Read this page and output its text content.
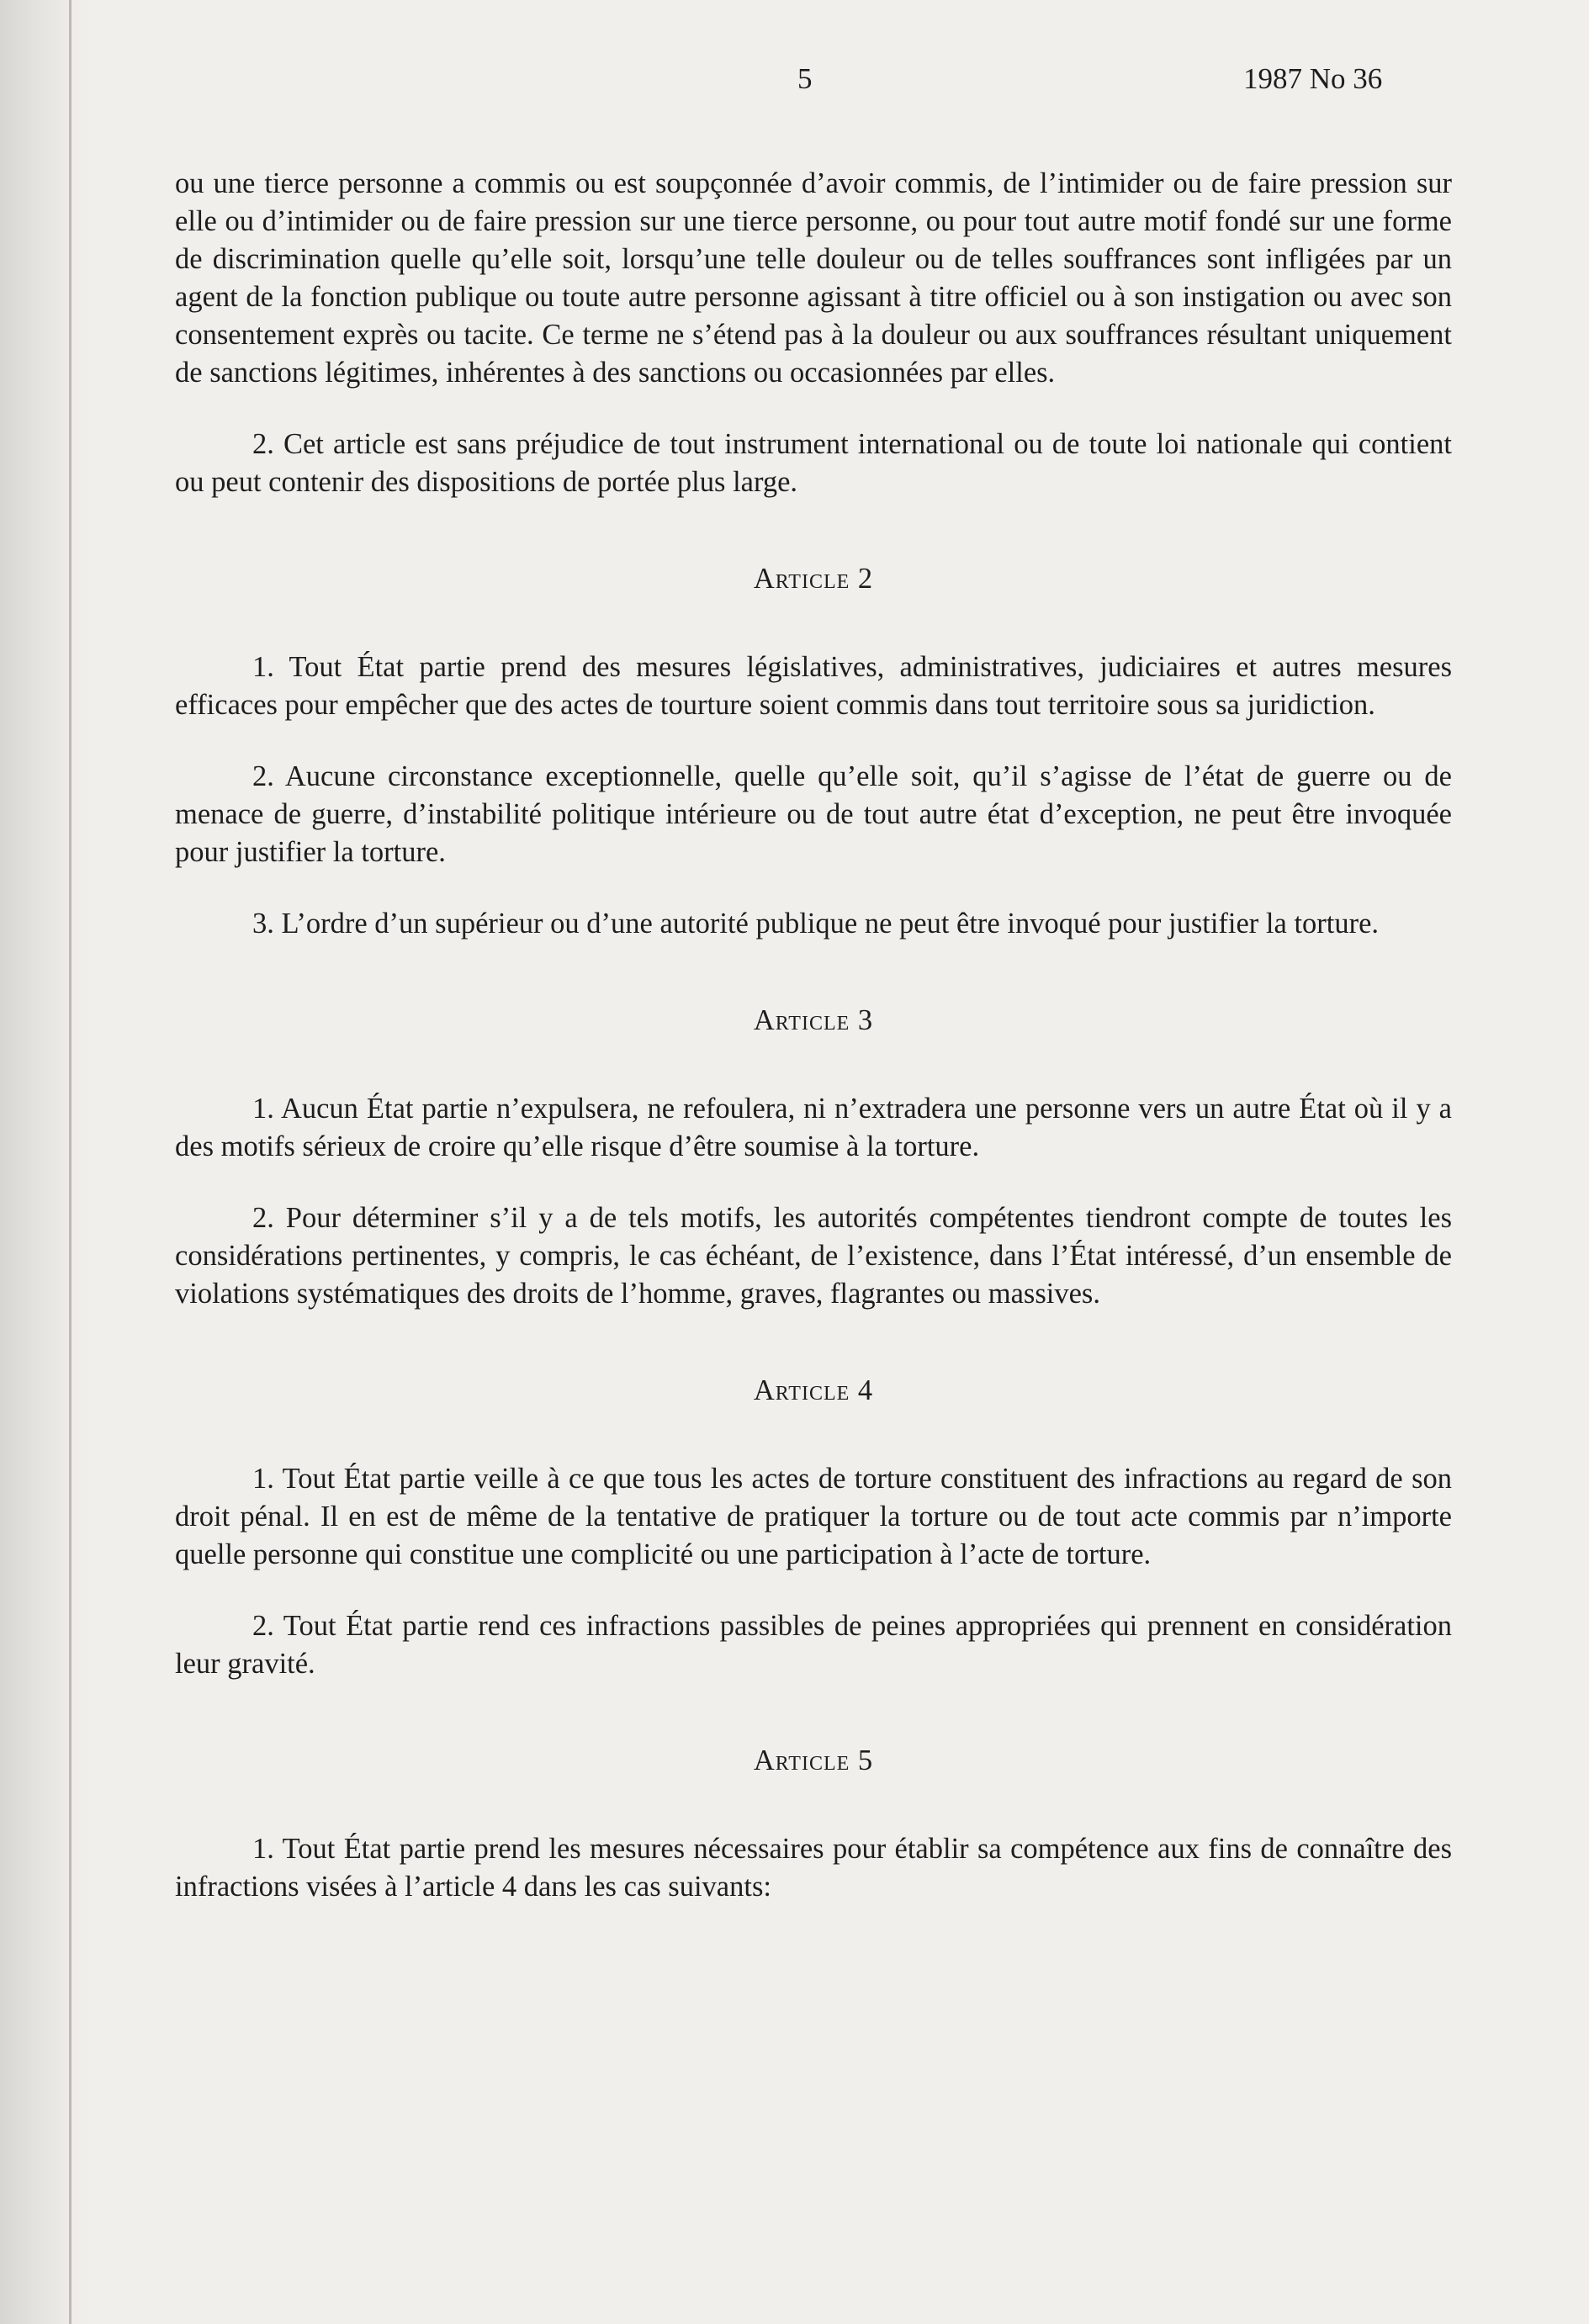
5	1987 No 36

ou une tierce personne a commis ou est soupçonnée d’avoir commis, de l’intimider ou de faire pression sur elle ou d’intimider ou de faire pression sur une tierce personne, ou pour tout autre motif fondé sur une forme de discrimination quelle qu’elle soit, lorsqu’une telle douleur ou de telles souffrances sont infligées par un agent de la fonction publique ou toute autre personne agissant à titre officiel ou à son instigation ou avec son consentement exprès ou tacite. Ce terme ne s’étend pas à la douleur ou aux souffrances résultant uniquement de sanctions légitimes, inhérentes à des sanctions ou occasionnées par elles.

2. Cet article est sans préjudice de tout instrument international ou de toute loi nationale qui contient ou peut contenir des dispositions de portée plus large.

Article 2

1. Tout État partie prend des mesures législatives, administratives, judiciaires et autres mesures efficaces pour empêcher que des actes de tourture soient commis dans tout territoire sous sa juridiction.

2. Aucune circonstance exceptionnelle, quelle qu’elle soit, qu’il s’agisse de l’état de guerre ou de menace de guerre, d’instabilité politique intérieure ou de tout autre état d’exception, ne peut être invoquée pour justifier la torture.

3. L’ordre d’un supérieur ou d’une autorité publique ne peut être invoqué pour justifier la torture.

Article 3

1. Aucun État partie n’expulsera, ne refoulera, ni n’extradera une personne vers un autre État où il y a des motifs sérieux de croire qu’elle risque d’être soumise à la torture.

2. Pour déterminer s’il y a de tels motifs, les autorités compétentes tiendront compte de toutes les considérations pertinentes, y compris, le cas échéant, de l’existence, dans l’État intéressé, d’un ensemble de violations systématiques des droits de l’homme, graves, flagrantes ou massives.

Article 4

1. Tout État partie veille à ce que tous les actes de torture constituent des infractions au regard de son droit pénal. Il en est de même de la tentative de pratiquer la torture ou de tout acte commis par n’importe quelle personne qui constitue une complicité ou une participation à l’acte de torture.

2. Tout État partie rend ces infractions passibles de peines appropriées qui prennent en considération leur gravité.

Article 5

1. Tout État partie prend les mesures nécessaires pour établir sa compétence aux fins de connaître des infractions visées à l’article 4 dans les cas suivants:
